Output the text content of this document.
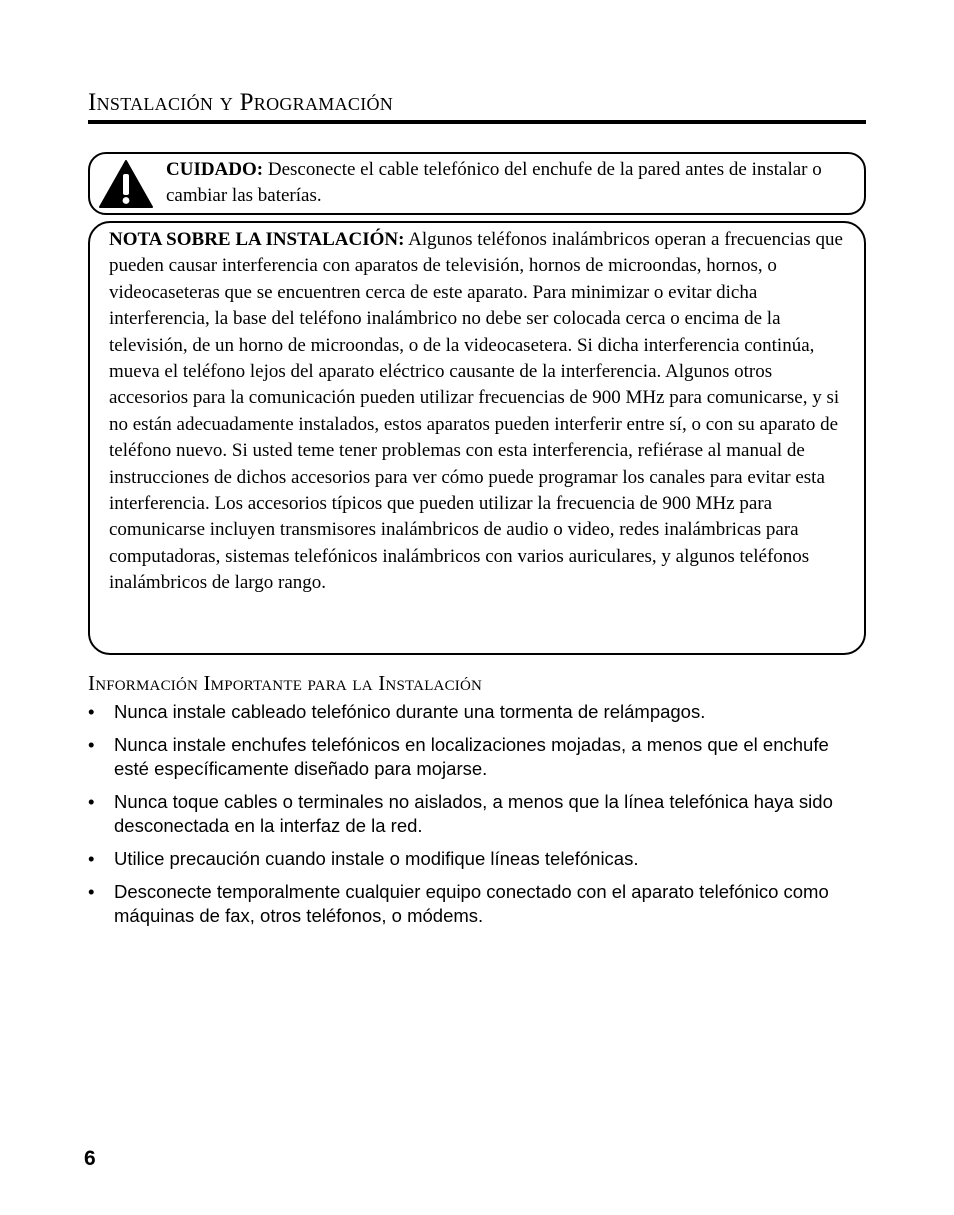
Instalación y Programación

CUIDADO: Desconecte el cable telefónico del enchufe de la pared antes de instalar o cambiar las baterías.

NOTA SOBRE LA INSTALACIÓN: Algunos teléfonos inalámbricos operan a frecuencias que pueden causar interferencia con aparatos de televisión, hornos de microondas, hornos, o videocaseteras que se encuentren cerca de este aparato. Para minimizar o evitar dicha interferencia, la base del teléfono inalámbrico no debe ser colocada cerca o encima de la televisión, de un horno de microondas, o de la videocasetera. Si dicha interferencia continúa, mueva el teléfono lejos del aparato eléctrico causante de la interferencia. Algunos otros accesorios para la comunicación pueden utilizar frecuencias de 900 MHz para comunicarse, y si no están adecuadamente instalados, estos aparatos pueden interferir entre sí, o con su aparato de teléfono nuevo. Si usted teme tener problemas con esta interferencia, refiérase al manual de instrucciones de dichos accesorios para ver cómo puede programar los canales para evitar esta interferencia. Los accesorios típicos que pueden utilizar la frecuencia de 900 MHz para comunicarse incluyen transmisores inalámbricos de audio o video, redes inalámbricas para computadoras, sistemas telefónicos inalámbricos con varios auriculares, y algunos teléfonos inalámbricos de largo rango.

Información Importante para la Instalación
• Nunca instale cableado telefónico durante una tormenta de relámpagos.
• Nunca instale enchufes telefónicos en localizaciones mojadas, a menos que el enchufe esté específicamente diseñado para mojarse.
• Nunca toque cables o terminales no aislados, a menos que la línea telefónica haya sido desconectada en la interfaz de la red.
• Utilice precaución cuando instale o modifique líneas telefónicas.
• Desconecte temporalmente cualquier equipo conectado con el aparato telefónico como máquinas de fax, otros teléfonos, o módems.
6
